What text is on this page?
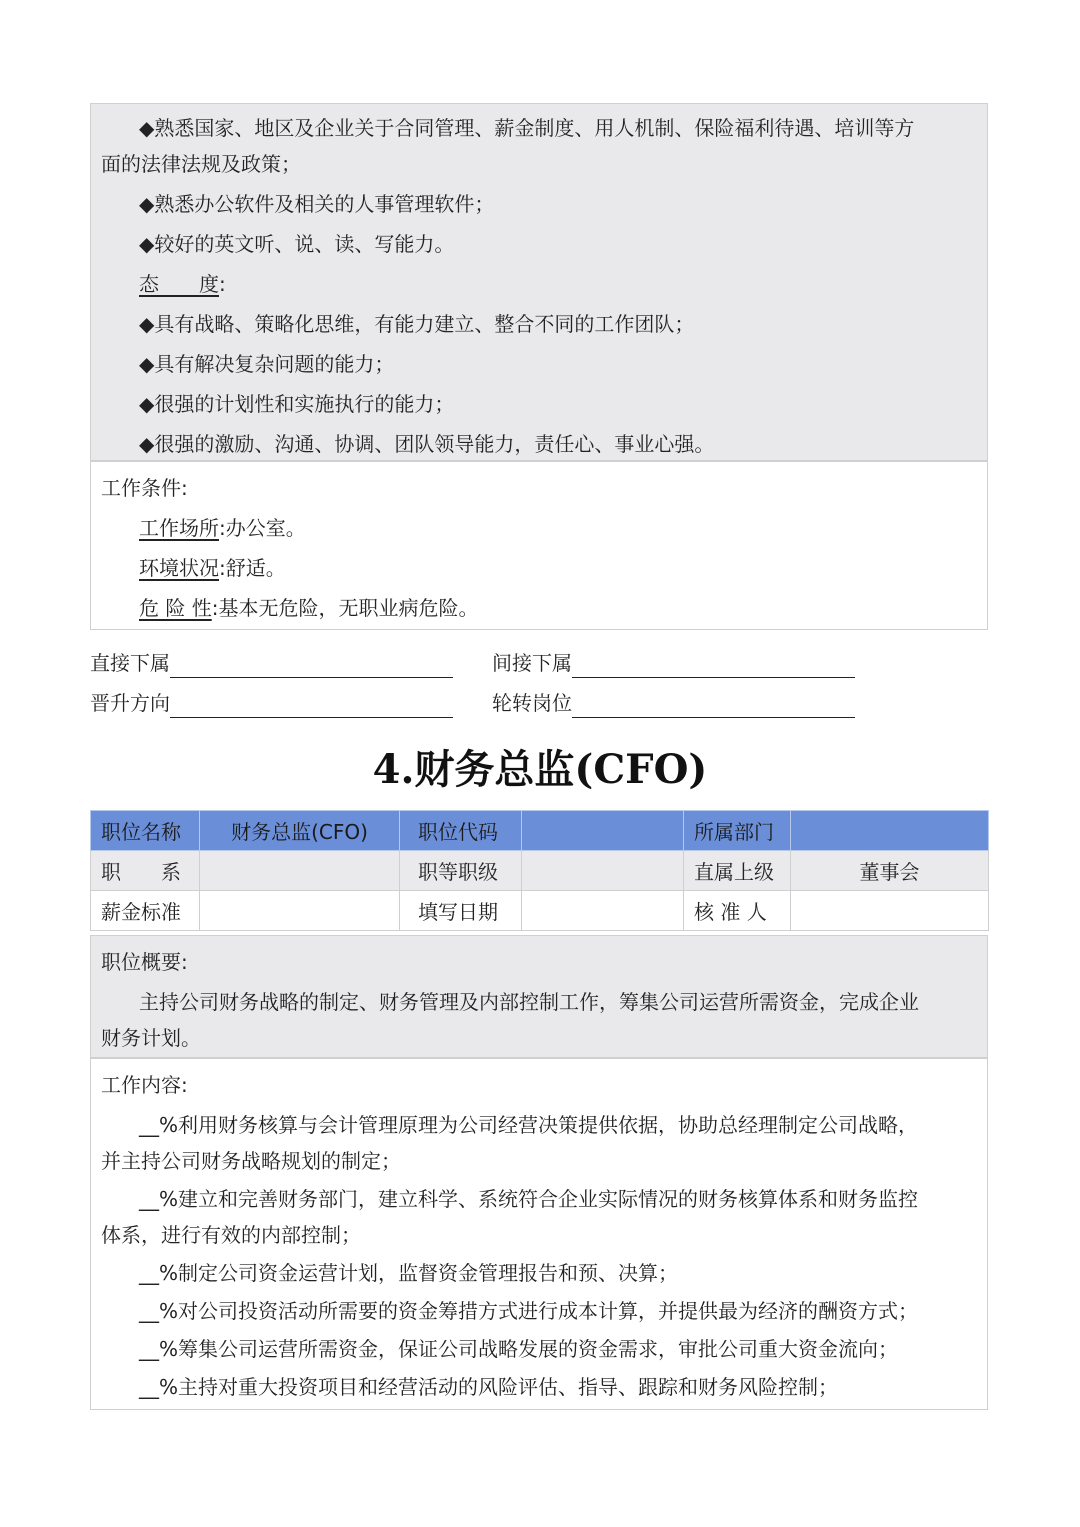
◆熟悉国家、地区及企业关于合同管理、薪金制度、用人机制、保险福利待遇、培训等方
面的法律法规及政策；
◆熟悉办公软件及相关的人事管理软件；
◆较好的英文听、说、读、写能力。
态　　度:
◆具有战略、策略化思维，有能力建立、整合不同的工作团队；
◆具有解决复杂问题的能力；
◆很强的计划性和实施执行的能力；
◆很强的激励、沟通、协调、团队领导能力，责任心、事业心强。
工作条件:
工作场所:办公室。
环境状况:舒适。
危 险 性:基本无危险，无职业病危险。
直接下属	间接下属
晋升方向	轮转岗位
4.财务总监(CFO)
职位名称	财务总监(CFO)	职位代码		所属部门	
职　　系		职等职级		直属上级	董事会
薪金标准		填写日期		核 准 人	
职位概要:
主持公司财务战略的制定、财务管理及内部控制工作，筹集公司运营所需资金，完成企业
财务计划。
工作内容:
__%利用财务核算与会计管理原理为公司经营决策提供依据，协助总经理制定公司战略，
并主持公司财务战略规划的制定；
__%建立和完善财务部门，建立科学、系统符合企业实际情况的财务核算体系和财务监控
体系，进行有效的内部控制；
__%制定公司资金运营计划，监督资金管理报告和预、决算；
__%对公司投资活动所需要的资金筹措方式进行成本计算，并提供最为经济的酬资方式；
__%筹集公司运营所需资金，保证公司战略发展的资金需求，审批公司重大资金流向；
__%主持对重大投资项目和经营活动的风险评估、指导、跟踪和财务风险控制；
